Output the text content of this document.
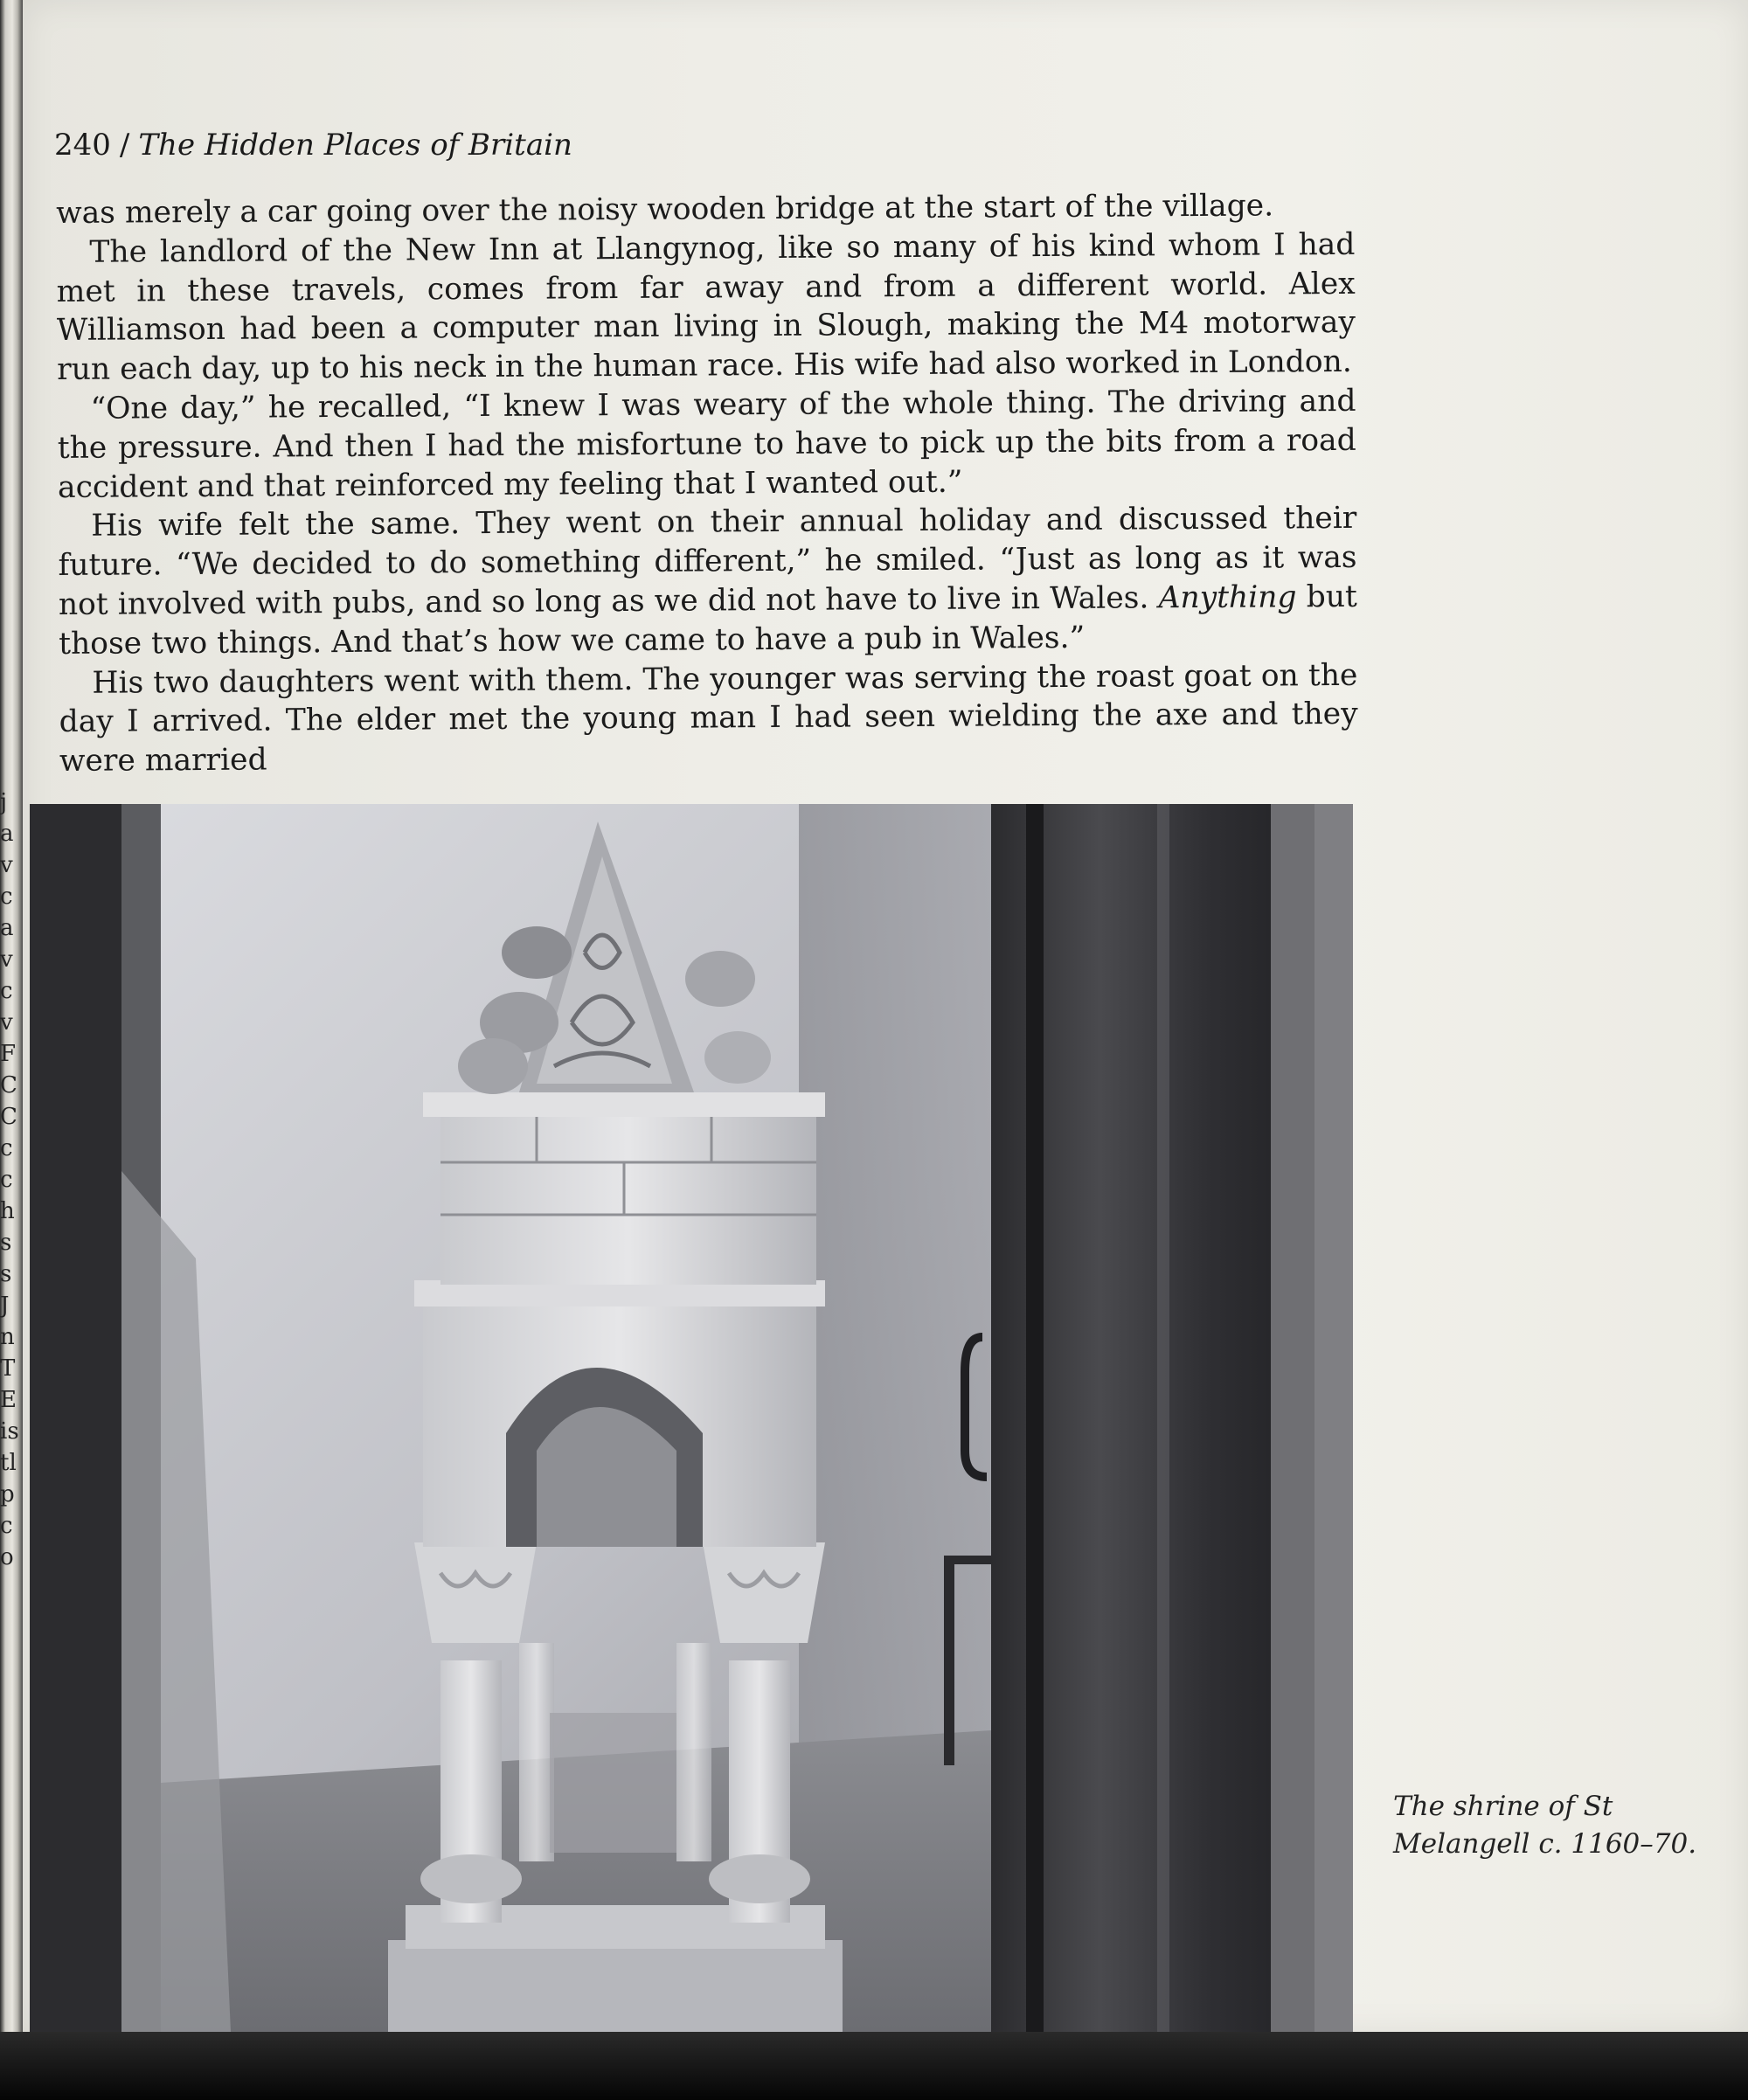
j
a
v
c
a
v
c
v
F
C
C
c
c
h
s
s
J
n
T
E
is
tl
p
c
o
240 / The Hidden Places of Britain

was merely a car going over the noisy wooden bridge at the start of the village.

The landlord of the New Inn at Llangynog, like so many of his kind whom I had met in these travels, comes from far away and from a different world. Alex Williamson had been a computer man living in Slough, making the M4 motorway run each day, up to his neck in the human race. His wife had also worked in London.

“One day,” he recalled, “I knew I was weary of the whole thing. The driving and the pressure. And then I had the misfortune to have to pick up the bits from a road accident and that reinforced my feeling that I wanted out.”

His wife felt the same. They went on their annual holiday and discussed their future. “We decided to do something different,” he smiled. “Just as long as it was not involved with pubs, and so long as we did not have to live in Wales. Anything but those two things. And that’s how we came to have a pub in Wales.”

His two daughters went with them. The younger was serving the roast goat on the day I arrived. The elder met the young man I had seen wielding the axe and they were married

The shrine of St
Melangell c. 1160–70.
